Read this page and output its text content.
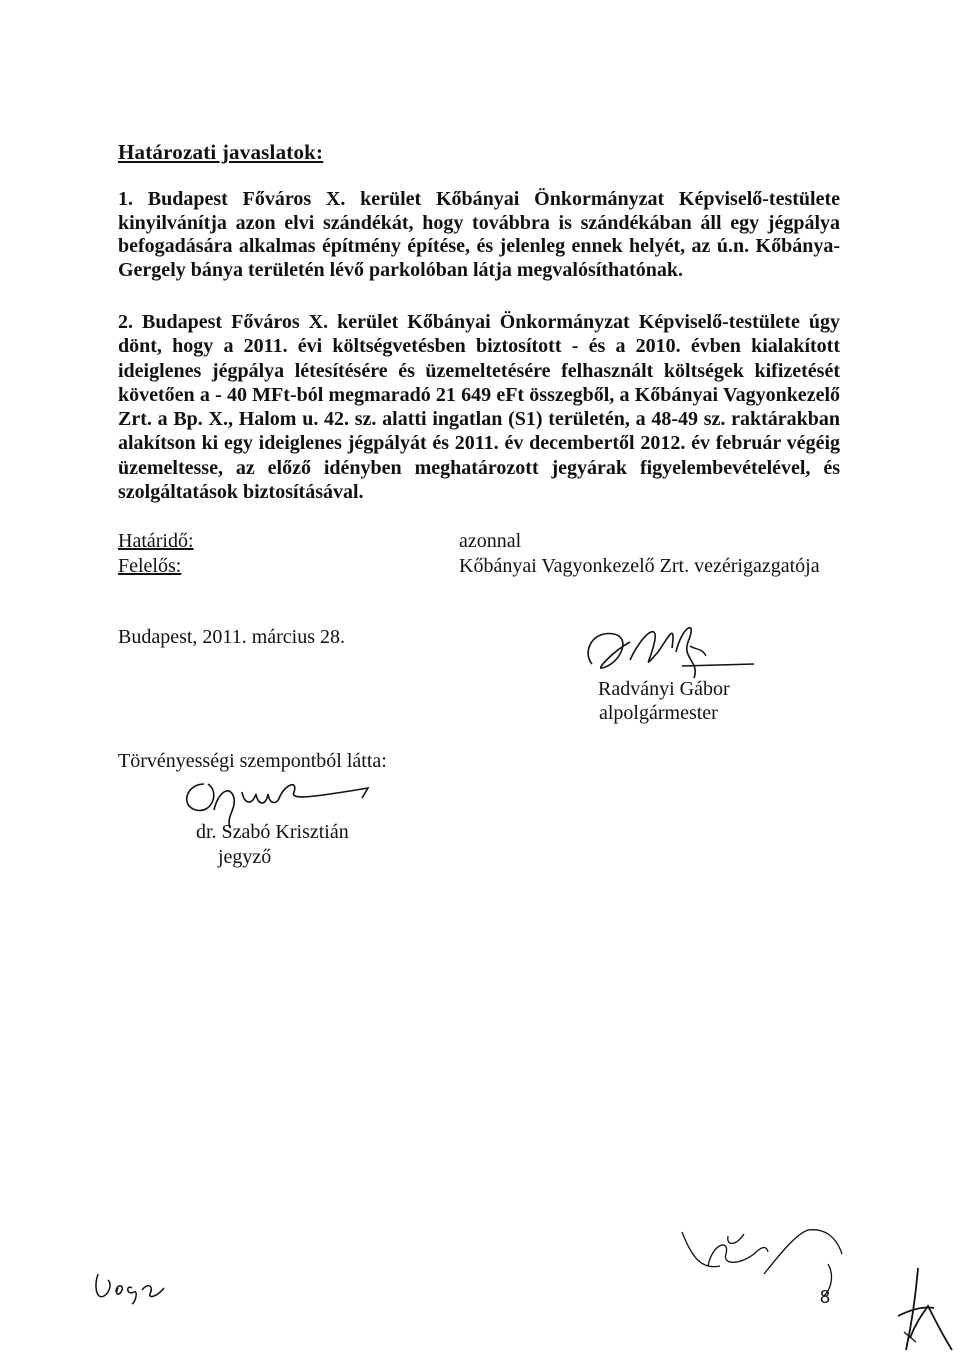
Határozati javaslatok:
1. Budapest Főváros X. kerület Kőbányai Önkormányzat Képviselő-testülete kinyilvánítja azon elvi szándékát, hogy továbbra is szándékában áll egy jégpálya befogadására alkalmas építmény építése, és jelenleg ennek helyét, az ú.n. Kőbánya-Gergely bánya területén lévő parkolóban látja megvalósíthatónak.
2. Budapest Főváros X. kerület Kőbányai Önkormányzat Képviselő-testülete úgy dönt, hogy a 2011. évi költségvetésben biztosított - és a 2010. évben kialakított ideiglenes jégpálya létesítésére és üzemeltetésére felhasznált költségek kifizetését követően a - 40 MFt-ból megmaradó 21 649 eFt összegből, a Kőbányai Vagyonkezelő Zrt. a Bp. X., Halom u. 42. sz. alatti ingatlan (S1) területén, a 48-49 sz. raktárakban alakítson ki egy ideiglenes jégpályát és 2011. év decembertől 2012. év február végéig üzemeltesse, az előző idényben meghatározott jegyárak figyelembevételével, és szolgáltatások biztosításával.
Határidő:	azonnal
Felelős:	Kőbányai Vagyonkezelő Zrt. vezérigazgatója
Budapest, 2011. március 28.
Radványi Gábor
alpolgármester
Törvényességi szempontból látta:
dr. Szabó Krisztián
jegyző
8
